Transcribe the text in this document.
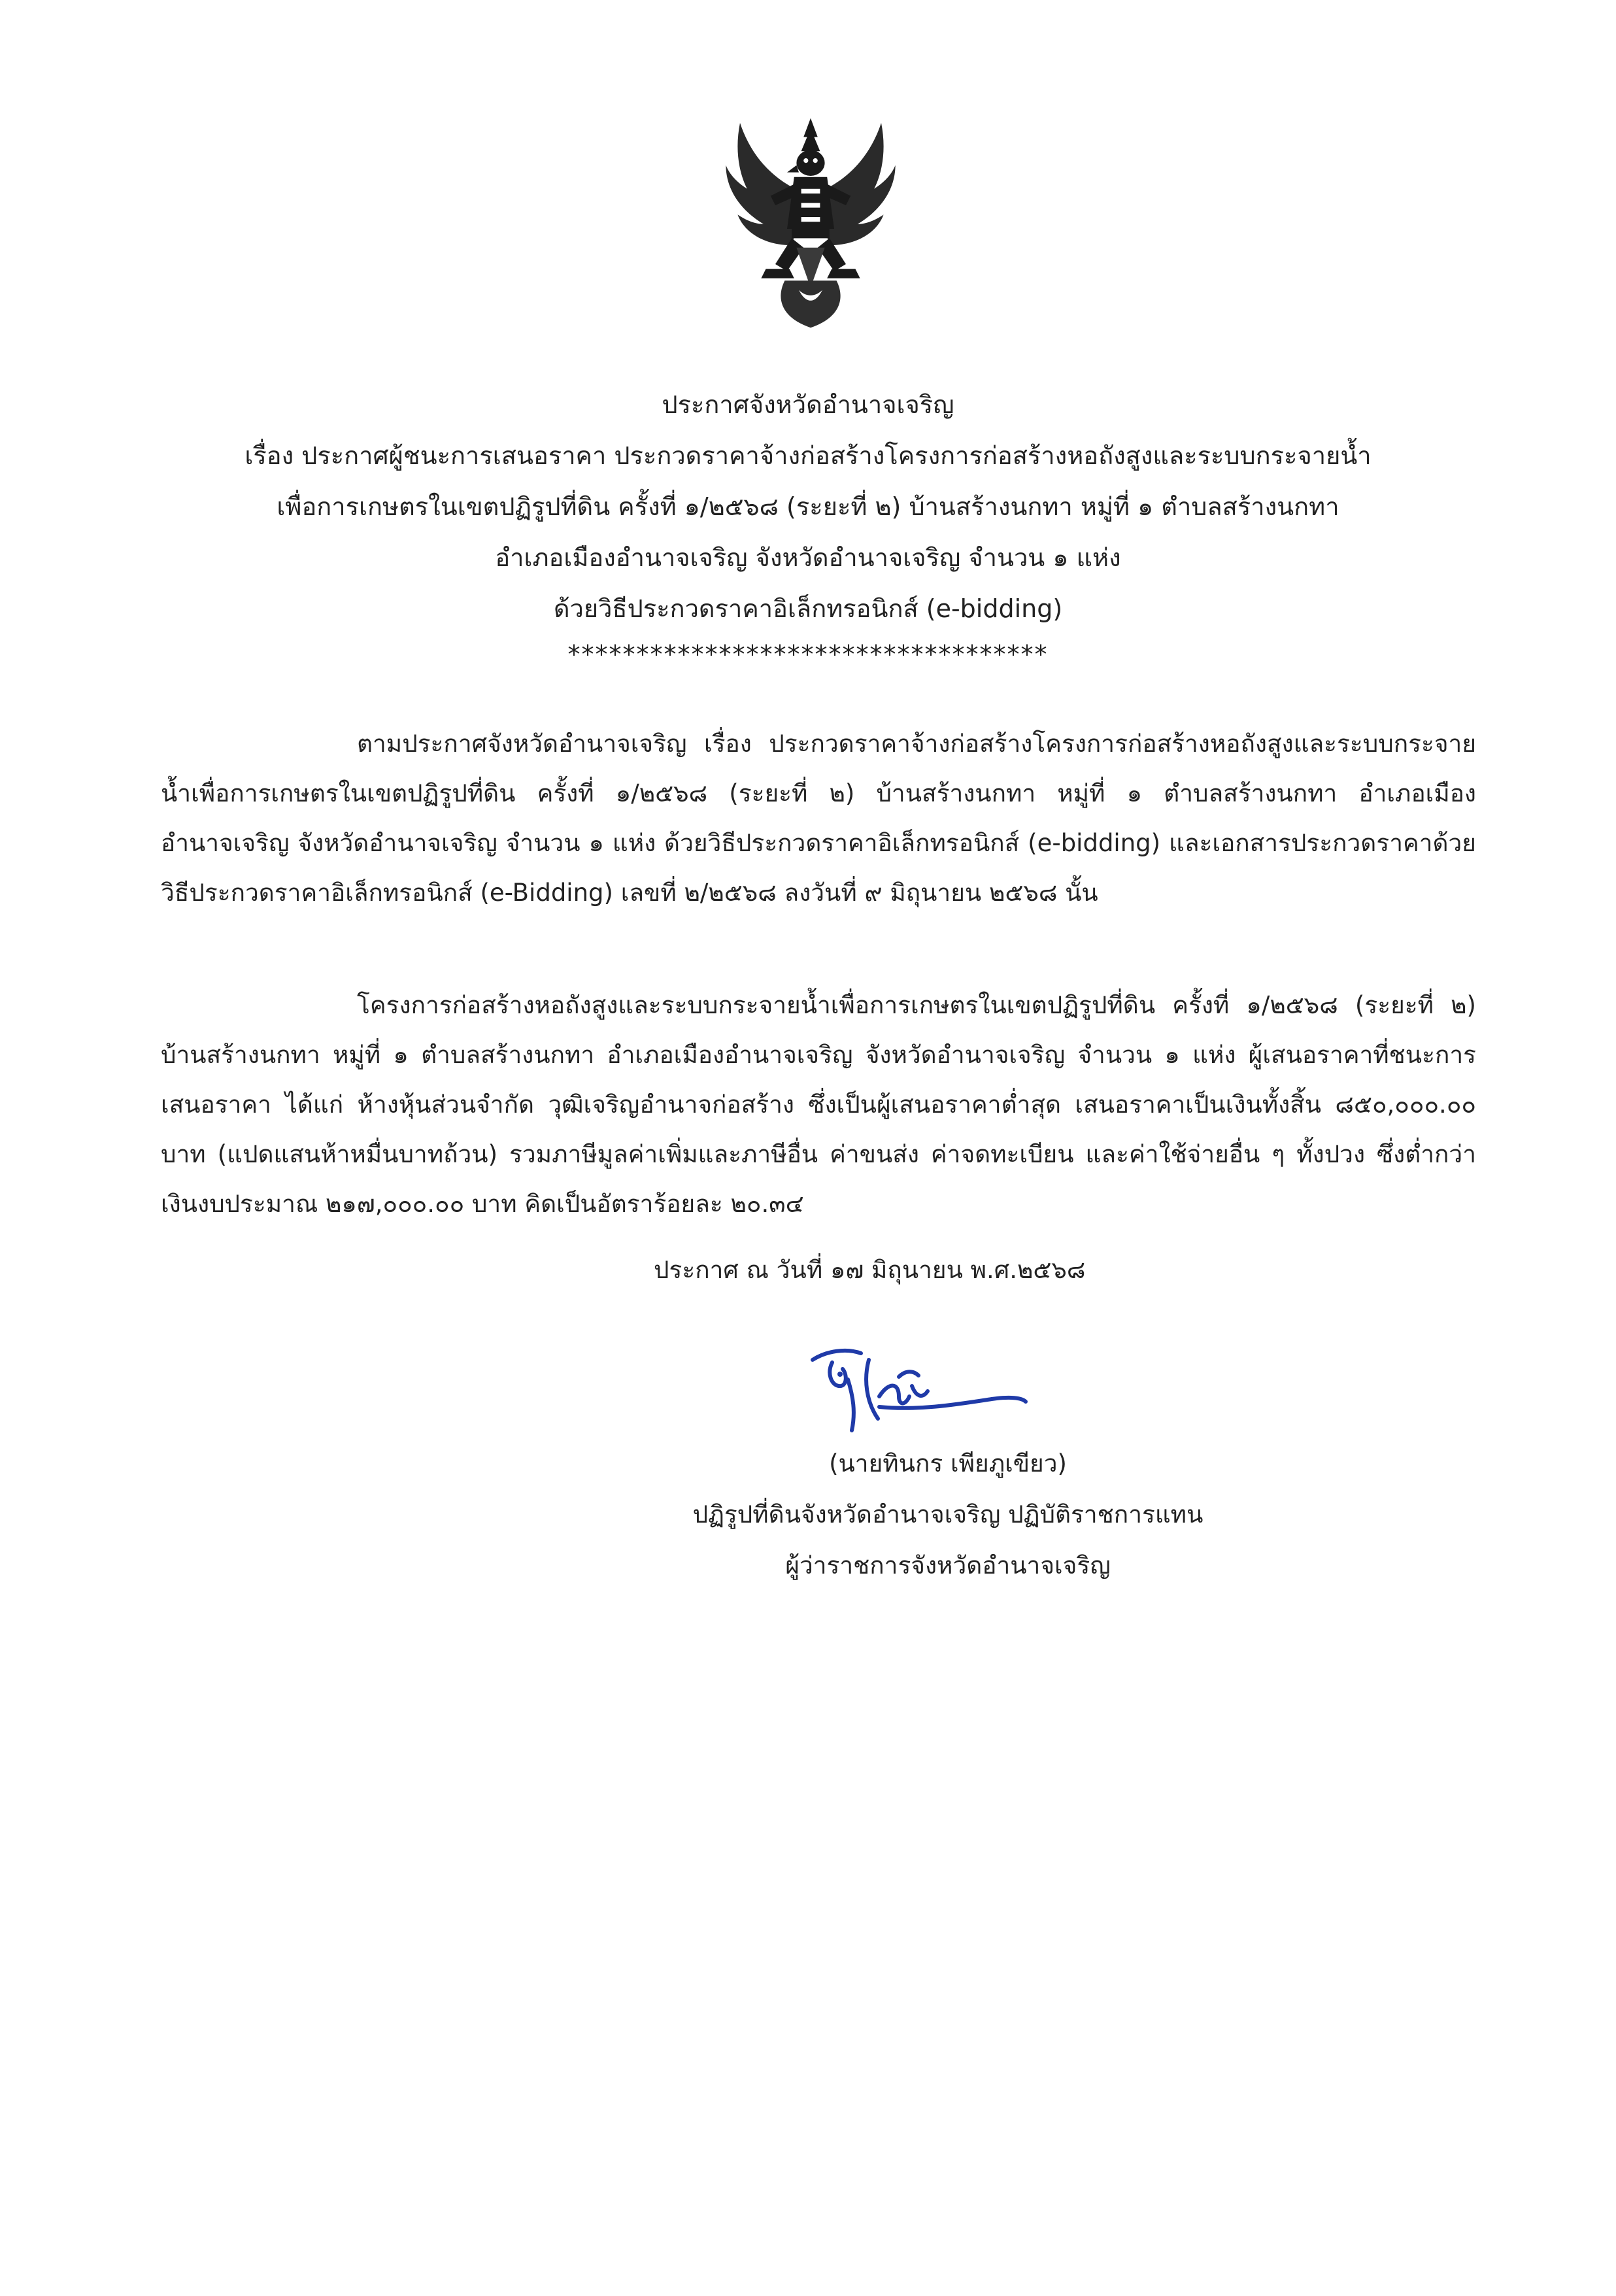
ประกาศจังหวัดอำนาจเจริญ
เรื่อง ประกาศผู้ชนะการเสนอราคา ประกวดราคาจ้างก่อสร้างโครงการก่อสร้างหอถังสูงและระบบกระจายน้ำ
เพื่อการเกษตรในเขตปฏิรูปที่ดิน ครั้งที่ ๑/๒๕๖๘ (ระยะที่ ๒) บ้านสร้างนกทา หมู่ที่ ๑ ตำบลสร้างนกทา
อำเภอเมืองอำนาจเจริญ จังหวัดอำนาจเจริญ จำนวน ๑ แห่ง
ด้วยวิธีประกวดราคาอิเล็กทรอนิกส์ (e-bidding)
***********************************

ตามประกาศจังหวัดอำนาจเจริญ เรื่อง ประกวดราคาจ้างก่อสร้างโครงการก่อสร้างหอถังสูงและระบบกระจายน้ำเพื่อการเกษตรในเขตปฏิรูปที่ดิน ครั้งที่ ๑/๒๕๖๘ (ระยะที่ ๒) บ้านสร้างนกทา หมู่ที่ ๑ ตำบลสร้างนกทา อำเภอเมืองอำนาจเจริญ จังหวัดอำนาจเจริญ จำนวน ๑ แห่ง ด้วยวิธีประกวดราคาอิเล็กทรอนิกส์ (e-bidding) และเอกสารประกวดราคาด้วยวิธีประกวดราคาอิเล็กทรอนิกส์ (e-Bidding) เลขที่ ๒/๒๕๖๘ ลงวันที่ ๙ มิถุนายน ๒๕๖๘ นั้น

โครงการก่อสร้างหอถังสูงและระบบกระจายน้ำเพื่อการเกษตรในเขตปฏิรูปที่ดิน ครั้งที่ ๑/๒๕๖๘ (ระยะที่ ๒) บ้านสร้างนกทา หมู่ที่ ๑ ตำบลสร้างนกทา อำเภอเมืองอำนาจเจริญ จังหวัดอำนาจเจริญ จำนวน ๑ แห่ง ผู้เสนอราคาที่ชนะการเสนอราคา ได้แก่ ห้างหุ้นส่วนจำกัด วุฒิเจริญอำนาจก่อสร้าง ซึ่งเป็นผู้เสนอราคาต่ำสุด เสนอราคาเป็นเงินทั้งสิ้น ๘๕๐,๐๐๐.๐๐ บาท (แปดแสนห้าหมื่นบาทถ้วน) รวมภาษีมูลค่าเพิ่มและภาษีอื่น ค่าขนส่ง ค่าจดทะเบียน และค่าใช้จ่ายอื่น ๆ ทั้งปวง ซึ่งต่ำกว่าเงินงบประมาณ ๒๑๗,๐๐๐.๐๐ บาท คิดเป็นอัตราร้อยละ ๒๐.๓๔

ประกาศ ณ วันที่ ๑๗ มิถุนายน พ.ศ.๒๕๖๘
(นายทินกร เพียภูเขียว)
ปฏิรูปที่ดินจังหวัดอำนาจเจริญ ปฏิบัติราชการแทน
ผู้ว่าราชการจังหวัดอำนาจเจริญ
